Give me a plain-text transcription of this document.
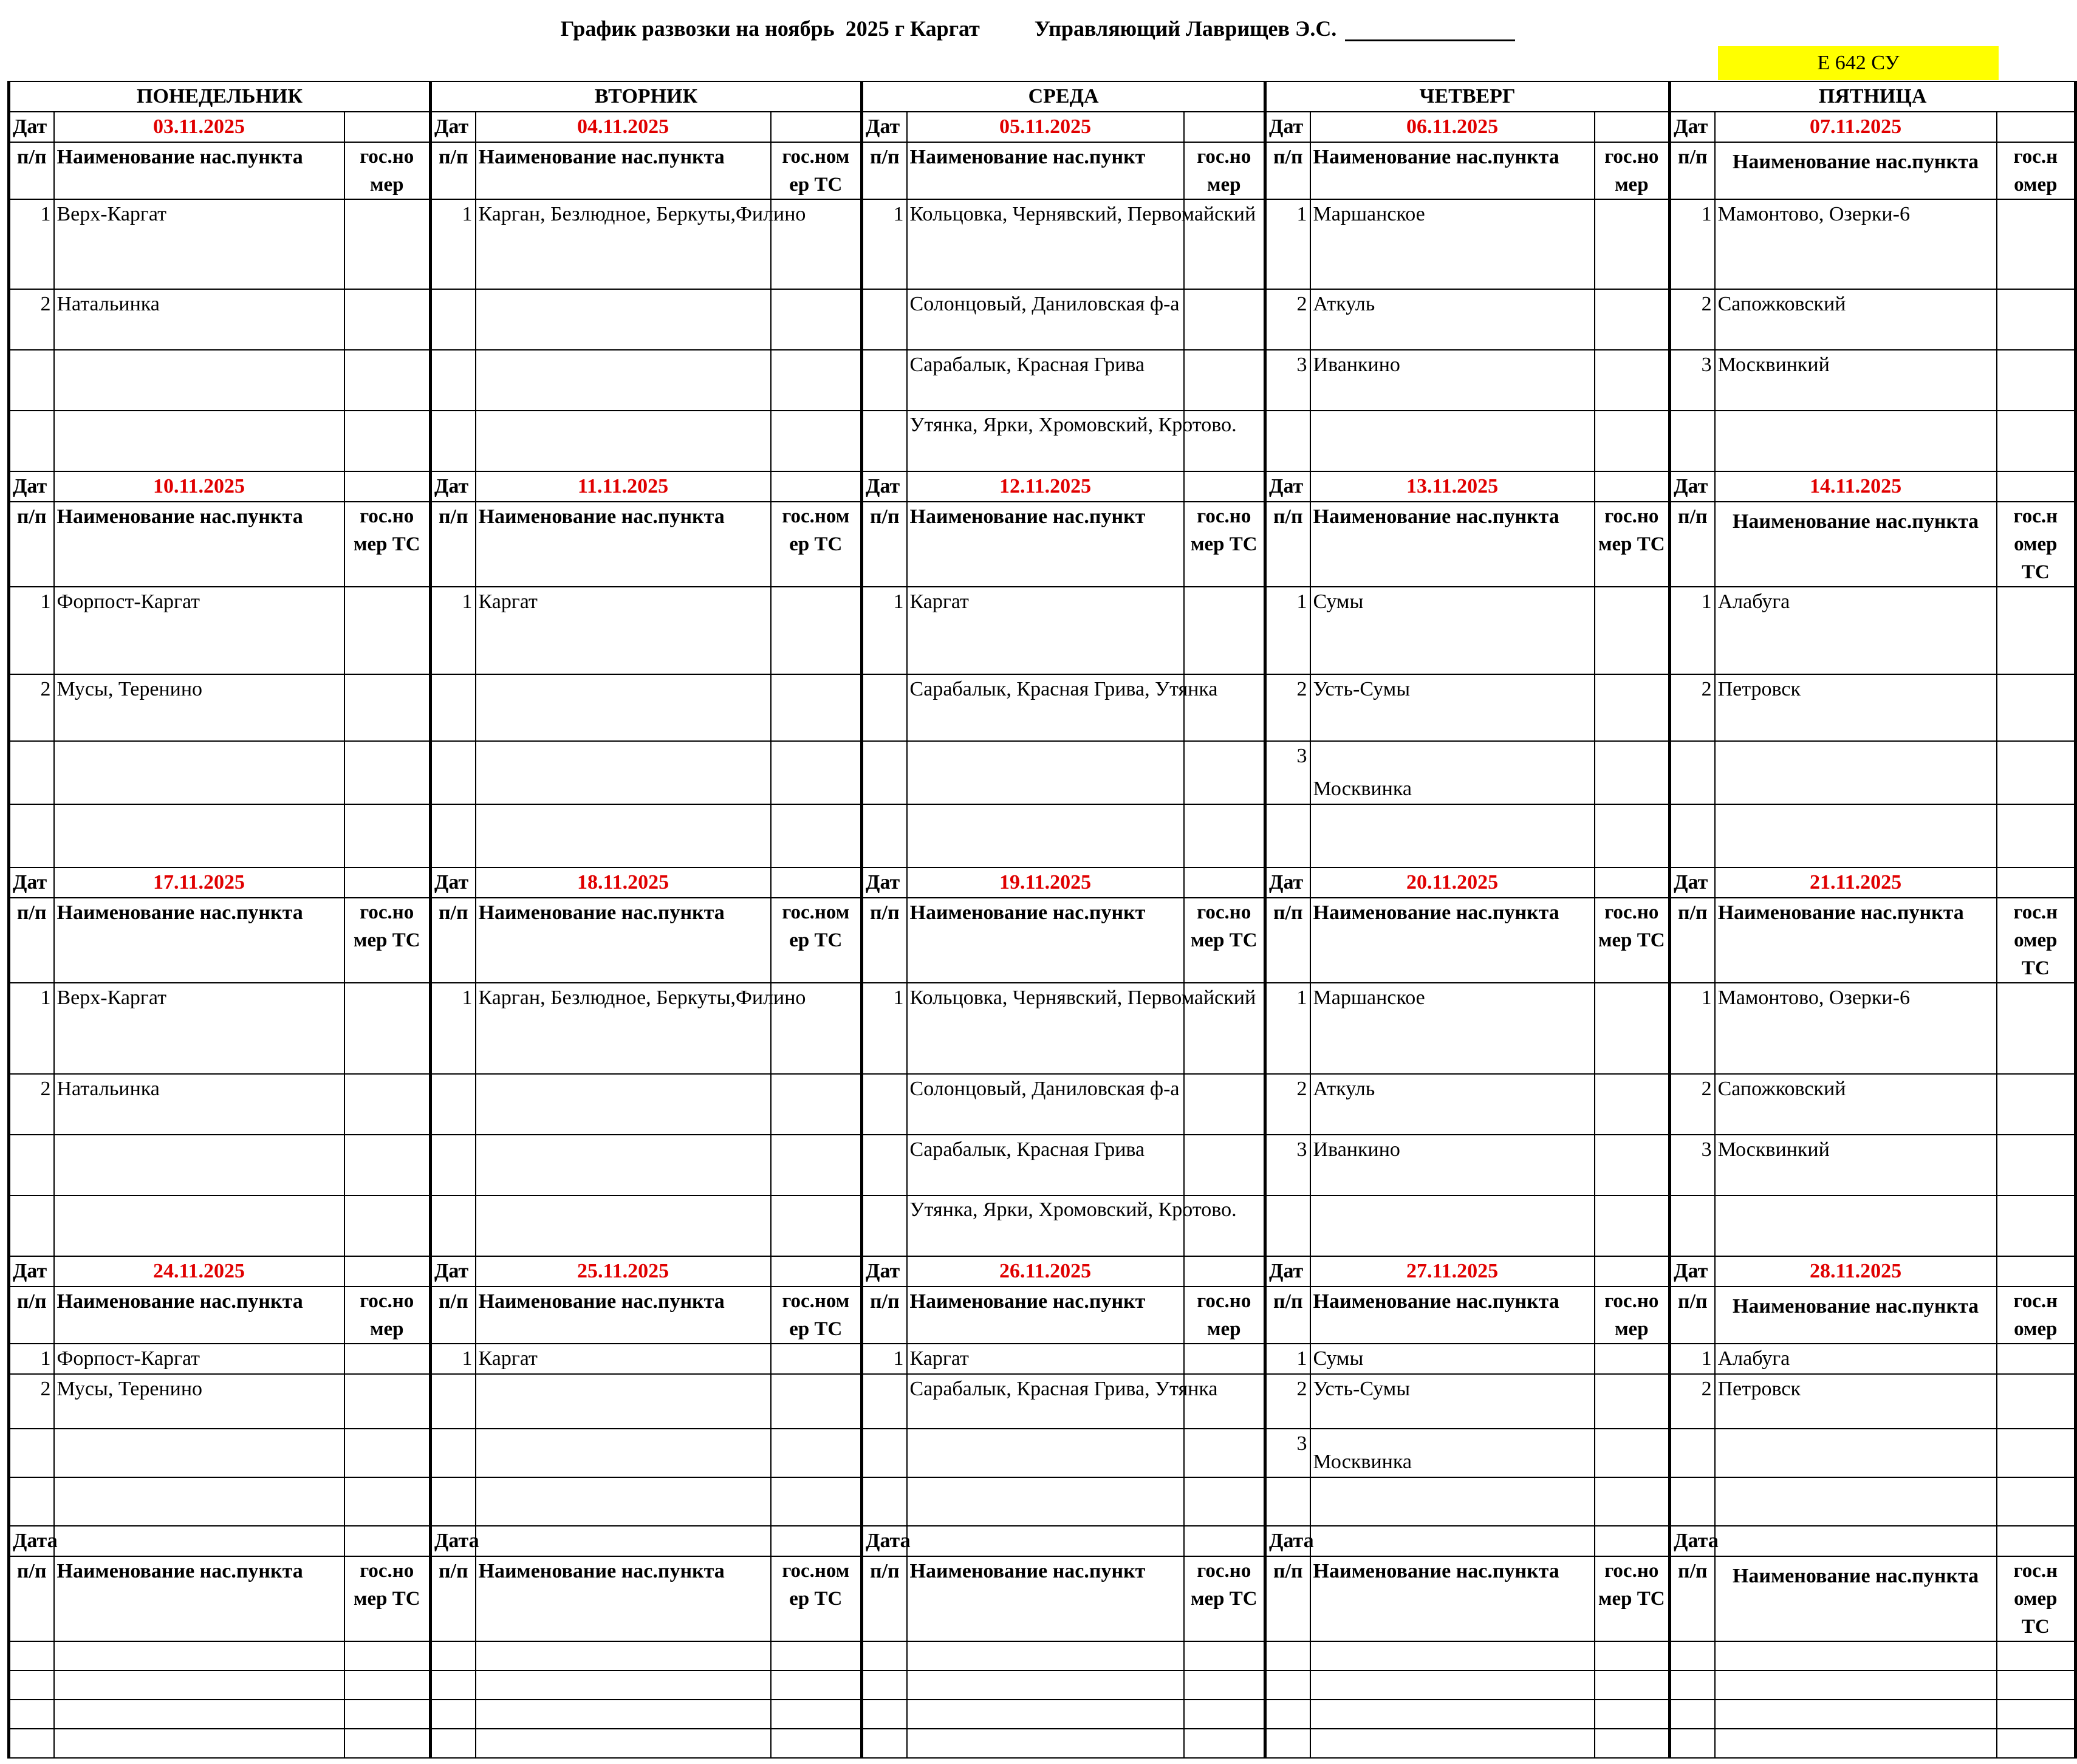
График развозки на ноябрь  2025 г Каргат	Управляющий Лаврищев Э.С.
Е 642 СУ
ПОНЕДЕЛЬНИК			ВТОРНИК			СРЕДА			ЧЕТВЕРГ			ПЯТНИЦА		
Дат	03.11.2025		Дат	04.11.2025		Дат	05.11.2025		Дат	06.11.2025		Дат	07.11.2025	
п/п	Наименование нас.пункта	гос.но мер	п/п	Наименование нас.пункта	гос.ном ер ТС	п/п	Наименование нас.пункт	гос.но мер	п/п	Наименование нас.пункта	гос.но мер	п/п	Наименование нас.пункта	гос.н омер
1	Верх-Каргат		1	Карган, Безлюдное, Беркуты,Филино		1	Кольцовка, Чернявский, Первомайский		1	Маршанское		1	Мамонтово, Озерки-6	
2	Натальинка						Солонцовый, Даниловская ф-а		2	Аткуль		2	Сапожковский	
							Сарабалык, Красная Грива		3	Иванкино		3	Москвинкий	
							Утянка, Ярки, Хромовский, Кротово.							
Дат	10.11.2025		Дат	11.11.2025		Дат	12.11.2025		Дат	13.11.2025		Дат	14.11.2025	
п/п	Наименование нас.пункта	гос.но мер ТС	п/п	Наименование нас.пункта	гос.ном ер ТС	п/п	Наименование нас.пункт	гос.но мер ТС	п/п	Наименование нас.пункта	гос.но мер ТС	п/п	Наименование нас.пункта	гос.н омер ТС
1	Форпост-Каргат		1	Каргат		1	Каргат		1	Сумы		1	Алабуга	
2	Мусы, Теренино						Сарабалык, Красная Грива, Утянка		2	Усть-Сумы		2	Петровск	
									3	Москвинка				

Дат	17.11.2025		Дат	18.11.2025		Дат	19.11.2025		Дат	20.11.2025		Дат	21.11.2025	
п/п	Наименование нас.пункта	гос.но мер ТС	п/п	Наименование нас.пункта	гос.ном ер ТС	п/п	Наименование нас.пункт	гос.но мер ТС	п/п	Наименование нас.пункта	гос.но мер ТС	п/п	Наименование нас.пункта	гос.н омер ТС
1	Верх-Каргат		1	Карган, Безлюдное, Беркуты,Филино		1	Кольцовка, Чернявский, Первомайский		1	Маршанское		1	Мамонтово, Озерки-6	
2	Натальинка						Солонцовый, Даниловская ф-а		2	Аткуль		2	Сапожковский	
							Сарабалык, Красная Грива		3	Иванкино		3	Москвинкий	
							Утянка, Ярки, Хромовский, Кротово.							
Дат	24.11.2025		Дат	25.11.2025		Дат	26.11.2025		Дат	27.11.2025		Дат	28.11.2025	
п/п	Наименование нас.пункта	гос.но мер	п/п	Наименование нас.пункта	гос.ном ер ТС	п/п	Наименование нас.пункт	гос.но мер	п/п	Наименование нас.пункта	гос.но мер	п/п	Наименование нас.пункта	гос.н омер
1	Форпост-Каргат		1	Каргат		1	Каргат		1	Сумы		1	Алабуга	
2	Мусы, Теренино						Сарабалык, Красная Грива, Утянка		2	Усть-Сумы		2	Петровск	
									3	Москвинка				

Дата			Дата			Дата			Дата			Дата		
п/п	Наименование нас.пункта	гос.но мер ТС	п/п	Наименование нас.пункта	гос.ном ер ТС	п/п	Наименование нас.пункт	гос.но мер ТС	п/п	Наименование нас.пункта	гос.но мер ТС	п/п	Наименование нас.пункта	гос.н омер ТС
